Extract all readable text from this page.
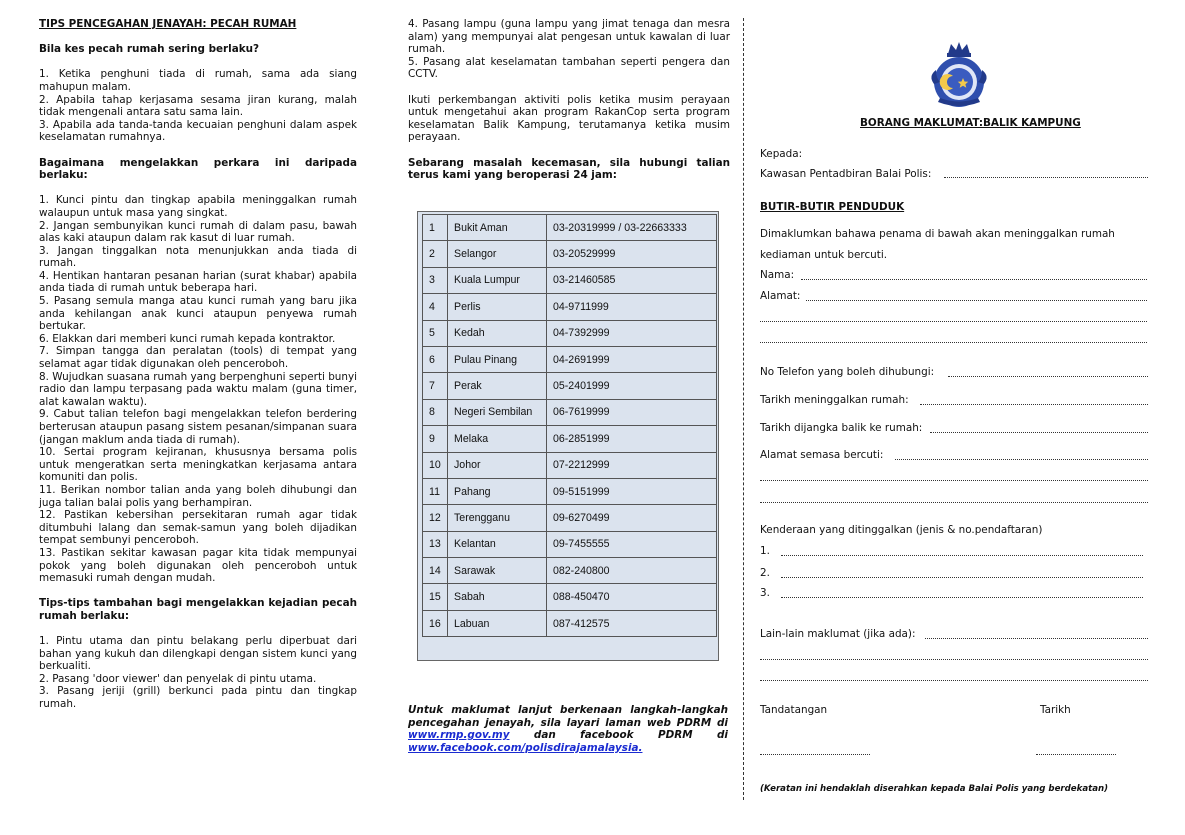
TIPS PENCEGAHAN JENAYAH: PECAH RUMAH

Bila kes pecah rumah sering berlaku?

1. Ketika penghuni tiada di rumah, sama ada siang mahupun malam.

2. Apabila tahap kerjasama sesama jiran kurang, malah tidak mengenali antara satu sama lain.

3. Apabila ada tanda-tanda kecuaian penghuni dalam aspek keselamatan rumahnya.

Bagaimana mengelakkan perkara ini daripada berlaku:

1. Kunci pintu dan tingkap apabila meninggalkan rumah walaupun untuk masa yang singkat.

2. Jangan sembunyikan kunci rumah di dalam pasu, bawah alas kaki ataupun dalam rak kasut di luar rumah.

3. Jangan tinggalkan nota menunjukkan anda tiada di rumah.

4. Hentikan hantaran pesanan harian (surat khabar) apabila anda tiada di rumah untuk beberapa hari.

5. Pasang semula manga atau kunci rumah yang baru jika anda kehilangan anak kunci ataupun penyewa rumah bertukar.

6. Elakkan dari memberi kunci rumah kepada kontraktor.

7. Simpan tangga dan peralatan (tools) di tempat yang selamat agar tidak digunakan oleh penceroboh.

8. Wujudkan suasana rumah yang berpenghuni seperti bunyi radio dan lampu terpasang pada waktu malam (guna timer, alat kawalan waktu).

9. Cabut talian telefon bagi mengelakkan telefon berdering berterusan ataupun pasang sistem pesanan/simpanan suara (jangan maklum anda tiada di rumah).

10. Sertai program kejiranan, khususnya bersama polis untuk mengeratkan serta meningkatkan kerjasama antara komuniti dan polis.

11. Berikan nombor talian anda yang boleh dihubungi dan juga talian balai polis yang berhampiran.

12. Pastikan kebersihan persekitaran rumah agar tidak ditumbuhi lalang dan semak-samun yang boleh dijadikan tempat sembunyi penceroboh.

13. Pastikan sekitar kawasan pagar kita tidak mempunyai pokok yang boleh digunakan oleh penceroboh untuk memasuki rumah dengan mudah.

Tips-tips tambahan bagi mengelakkan kejadian pecah rumah berlaku:

1. Pintu utama dan pintu belakang perlu diperbuat dari bahan yang kukuh dan dilengkapi dengan sistem kunci yang berkualiti.

2. Pasang 'door viewer' dan penyelak di pintu utama.

3. Pasang jeriji (grill) berkunci pada pintu dan tingkap rumah.

4. Pasang lampu (guna lampu yang jimat tenaga dan mesra alam) yang mempunyai alat pengesan untuk kawalan di luar rumah.

5. Pasang alat keselamatan tambahan seperti pengera dan CCTV.

Ikuti perkembangan aktiviti polis ketika musim perayaan untuk mengetahui akan program RakanCop serta program keselamatan Balik Kampung, terutamanya ketika musim perayaan.

Sebarang masalah kecemasan, sila hubungi talian terus kami yang beroperasi 24 jam:

1	Bukit Aman	03-20319999 / 03-22663333
2	Selangor	03-20529999
3	Kuala Lumpur	03-21460585
4	Perlis	04-9711999
5	Kedah	04-7392999
6	Pulau Pinang	04-2691999
7	Perak	05-2401999
8	Negeri Sembilan	06-7619999
9	Melaka	06-2851999
10	Johor	07-2212999
11	Pahang	09-5151999
12	Terengganu	09-6270499
13	Kelantan	09-7455555
14	Sarawak	082-240800
15	Sabah	088-450470
16	Labuan	087-412575
Untuk maklumat lanjut berkenaan langkah-langkah pencegahan jenayah, sila layari laman web PDRM di www.rmp.gov.my dan facebook PDRM di www.facebook.com/polisdirajamalaysia.
BORANG MAKLUMAT:BALIK KAMPUNG
Kepada:
Kawasan Pentadbiran Balai Polis:
BUTIR-BUTIR PENDUDUK
Dimaklumkan bahawa penama di bawah akan meninggalkan rumah
kediaman untuk bercuti.
Nama:
Alamat:
No Telefon yang boleh dihubungi:
Tarikh meninggalkan rumah:
Tarikh dijangka balik ke rumah:
Alamat semasa bercuti:
Kenderaan yang ditinggalkan (jenis & no.pendaftaran)
1.
2.
3.
Lain-lain maklumat (jika ada):
Tandatangan	Tarikh
(Keratan ini hendaklah diserahkan kepada Balai Polis yang berdekatan)
